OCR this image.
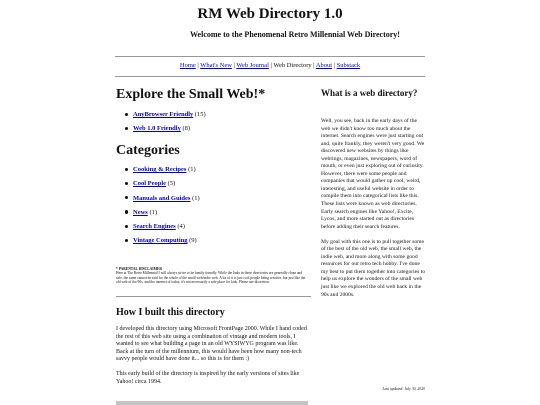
RM Web Directory 1.0
Welcome to the Phenomenal Retro Millennial Web Directory!
Home | What's New | Web Journal | Web Directory | About | Substack
Explore the Small Web!*
AnyBrowser Friendly (15)
Web 1.0 Friendly (8)
Categories
Cooking & Recipes (1)
Cool People (5)
Manuals and Guides (1)
News (1)
Search Engines (4)
Vintage Computing (9)
* PARENTAL DISCLAIMER
Here at The Retro Millennial I will always strive to be family friendly. While the links in these directories are generally clean and safe, the same cannot be said for the whole of the small web/indie web. A lot of it is just cool people being creative, but just like the old web of the 90s, and the internet of today, it's not necessarily a safe place for kids. Please use discretion.
How I built this directory

I developed this directory using Microsoft FrontPage 2000. While I hand coded the rest of this web site using a combination of vintage and modern tools, I wanted to see what building a page in an old WYSIWYG program was like. Back at the turn of the millennium, this would have been how many non-tech savvy people would have done it... so this is for them :)

This early build of the directory is inspired by the early versions of sites like Yahoo! circa 1994.

What is a web directory?

Well, you see, back in the early days of the web we didn't know too much about the internet. Search engines were just starting out and, quite frankly, they weren't very good. We discovered new websites by things like webrings, magazines, newspapers, word of mouth, or even just exploring out of curiosity. However, there were some people and companies that would gather up cool, weird, interesting, and useful website in order to compile them into categorical lists like this. These lists were known as web directories. Early search engines like Yahoo!, Excite, Lycos, and more started out as directories before adding their search features.

My goal with this one is to pull together some of the best of the old web, the small web, the indie web, and more along with some good resources for our retro tech hobby. I've done my best to put them together into categories to help us explore the wonders of the small web just like we explored the old web back in the 90s and 2000s.

Last updated: July 30, 2020
